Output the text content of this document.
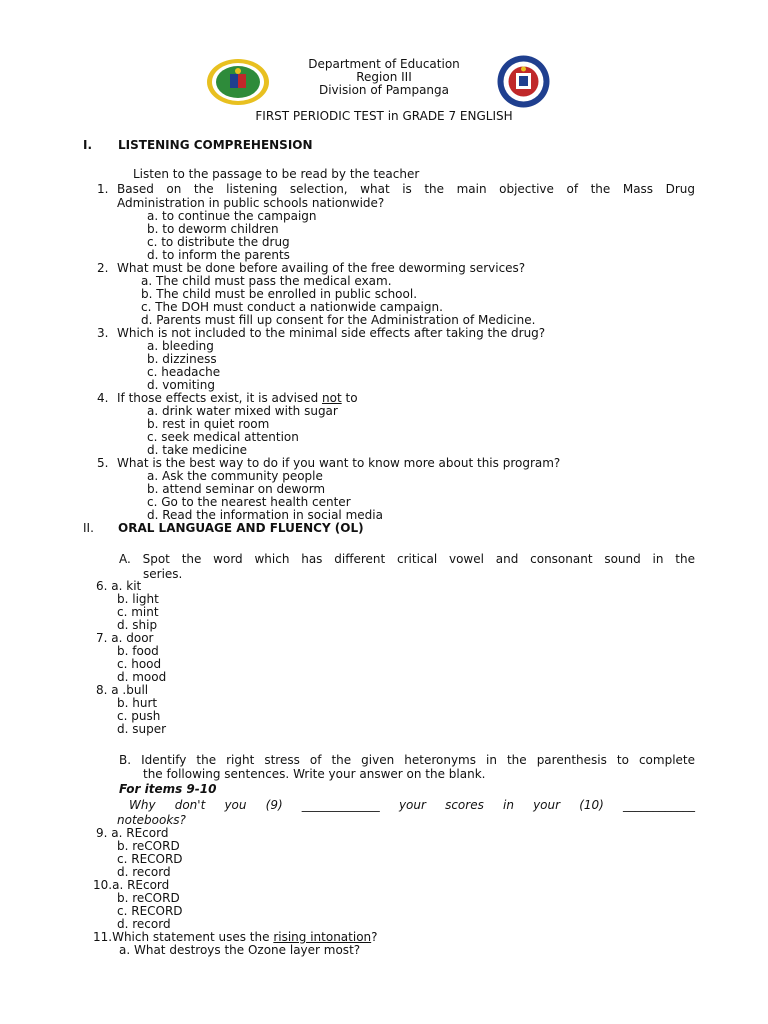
Department of Education
Region III
Division of Pampanga
FIRST PERIODIC TEST in GRADE 7 ENGLISH
I. LISTENING COMPREHENSION
Listen to the passage to be read by the teacher
1. Based on the listening selection, what is the main objective of the Mass Drug
Administration in public schools nationwide?
a. to continue the campaign
b. to deworm children
c. to distribute the drug
d. to inform the parents
2. What must be done before availing of the free deworming services?
a. The child must pass the medical exam.
b. The child must be enrolled in public school.
c. The DOH must conduct a nationwide campaign.
d. Parents must fill up consent for the Administration of Medicine.
3. Which is not included to the minimal side effects after taking the drug?
a. bleeding
b. dizziness
c. headache
d. vomiting
4. If those effects exist, it is advised not to
a. drink water mixed with sugar
b. rest in quiet room
c. seek medical attention
d. take medicine
5. What is the best way to do if you want to know more about this program?
a. Ask the community people
b. attend seminar on deworm
c. Go to the nearest health center
d. Read the information in social media
II. ORAL LANGUAGE AND FLUENCY (OL)
A. Spot the word which has different critical vowel and consonant sound in the
series.
6. a. kit
b. light
c. mint
d. ship
7. a. door
b. food
c. hood
d. mood
8. a .bull
b. hurt
c. push
d. super
B. Identify the right stress of the given heteronyms in the parenthesis to complete
the following sentences. Write your answer on the blank.
For items 9-10
Why don't you (9) _____________ your scores in your (10) ____________
notebooks?
9. a. REcord
b. reCORD
c. RECORD
d. record
10.a. REcord
b. reCORD
c. RECORD
d. record
11.Which statement uses the rising intonation?
a. What destroys the Ozone layer most?
